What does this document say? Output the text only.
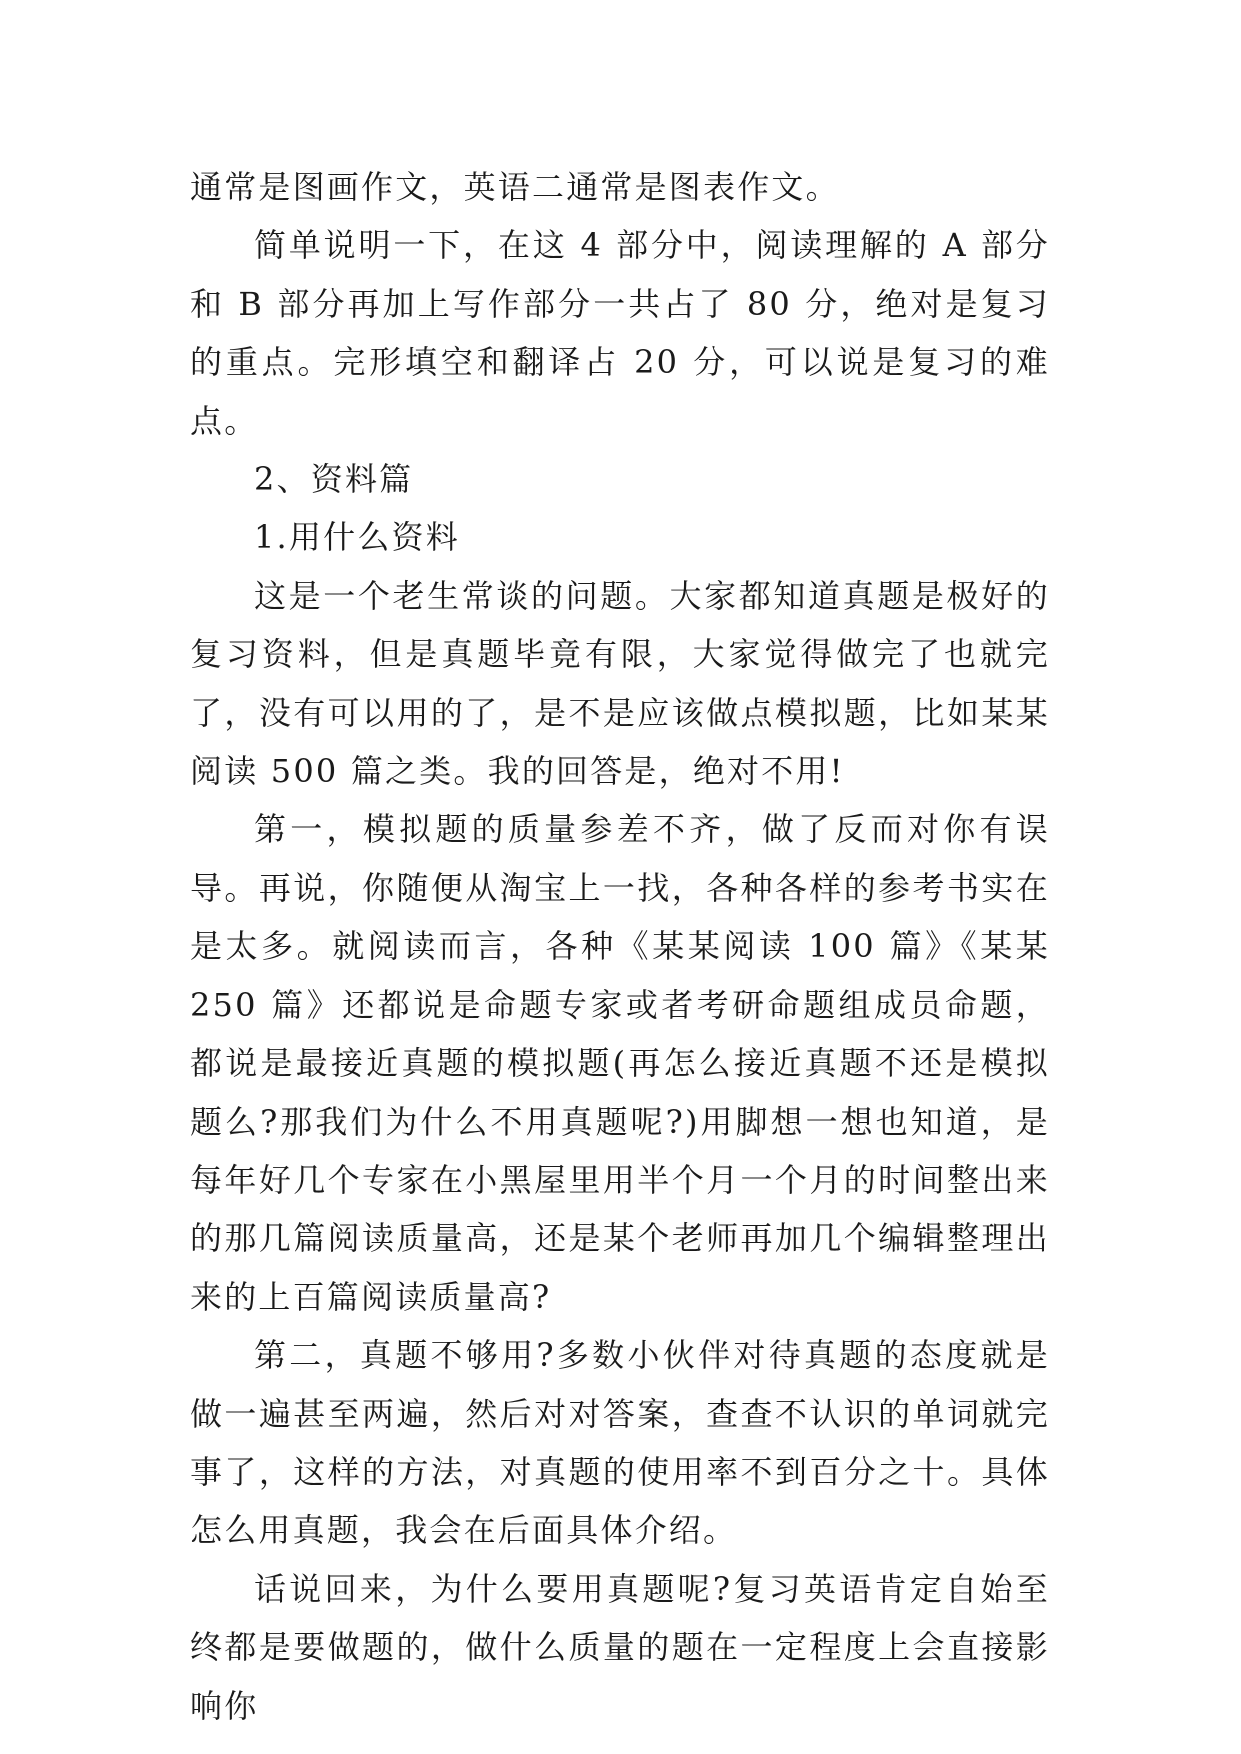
通常是图画作文，英语二通常是图表作文。

简单说明一下，在这 4 部分中，阅读理解的 A 部分和 B 部分再加上写作部分一共占了 80 分，绝对是复习的重点。完形填空和翻译占 20 分，可以说是复习的难点。

2、资料篇

1.用什么资料

这是一个老生常谈的问题。大家都知道真题是极好的复习资料，但是真题毕竟有限，大家觉得做完了也就完了，没有可以用的了，是不是应该做点模拟题，比如某某阅读 500 篇之类。我的回答是，绝对不用!

第一，模拟题的质量参差不齐，做了反而对你有误导。再说，你随便从淘宝上一找，各种各样的参考书实在是太多。就阅读而言，各种《某某阅读 100 篇》《某某 250 篇》还都说是命题专家或者考研命题组成员命题，都说是最接近真题的模拟题(再怎么接近真题不还是模拟题么?那我们为什么不用真题呢?)用脚想一想也知道，是每年好几个专家在小黑屋里用半个月一个月的时间整出来的那几篇阅读质量高，还是某个老师再加几个编辑整理出来的上百篇阅读质量高?

第二，真题不够用?多数小伙伴对待真题的态度就是做一遍甚至两遍，然后对对答案，查查不认识的单词就完事了，这样的方法，对真题的使用率不到百分之十。具体怎么用真题，我会在后面具体介绍。

话说回来，为什么要用真题呢?复习英语肯定自始至终都是要做题的，做什么质量的题在一定程度上会直接影响你
